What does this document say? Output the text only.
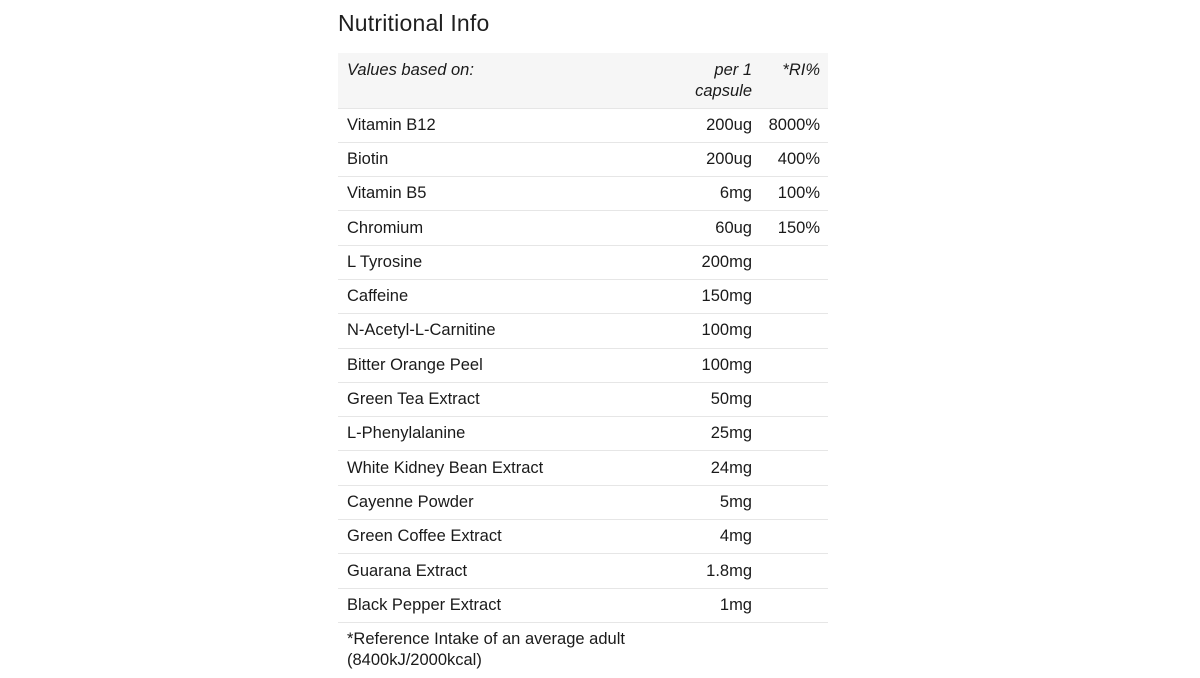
Nutritional Info
Values based on:	per 1 capsule	*RI%
Vitamin B12	200ug	8000%
Biotin	200ug	400%
Vitamin B5	6mg	100%
Chromium	60ug	150%
L Tyrosine	200mg	
Caffeine	150mg	
N-Acetyl-L-Carnitine	100mg	
Bitter Orange Peel	100mg	
Green Tea Extract	50mg	
L-Phenylalanine	25mg	
White Kidney Bean Extract	24mg	
Cayenne Powder	5mg	
Green Coffee Extract	4mg	
Guarana Extract	1.8mg	
Black Pepper Extract	1mg	
*Reference Intake of an average adult (8400kJ/2000kcal)
